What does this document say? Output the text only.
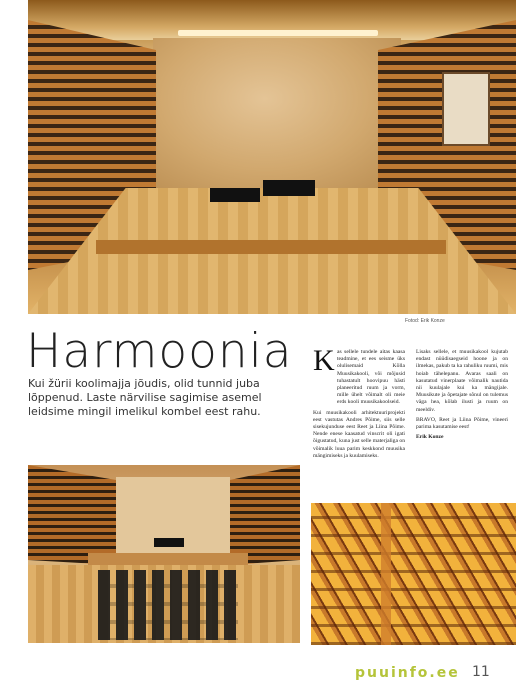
Fotod: Erik Konze
Harmoonia
Kui žürii koolimajja jõudis, olid tunnid juba lõppenud. Laste närvilise sagimise asemel leidsime mingil imelikul kombel eest rahu.
K as sellele tundele aitas kaasa teadmine, et ees seisme üks olulisemaid Kõlla Muusikakooli, või mõjusid tuhastatult hoovipuu hästi planeeritud ruum ja vorm, mille ühelt võimalt oli meie erds kooli muusikakoolseid.

Kui muusikakooli arhitektuuriprojekti eest vastutas Andres Põime, siis selle sisekujunduse eest Reet ja Liina Põime. Nende enese kaasatud vinscrit oli igati õigustatud, kuna just selle materjaliga on võimalik luua parim keskkond muusika mängimiseks ja kuulamiseks.

Lisaks sellele, et muusikakool kujutab endast nüüdisaegseid hoone ja on ilmekas, pakub ta ka rahuliku ruumi, mis hoiab tähelepanu. Avaras saali on kasutatud vinerplaate võimalik nautida nii kuulajale kui ka mängijale. Muusikute ja õpetajate sõnul on tulemus väga hea, kõlab ilusti ja ruum on meeldiv.

BRAVO, Reet ja Liina Põime, vineeri parima kasutamise eest!

Erik Konze

puuinfo.ee 11
